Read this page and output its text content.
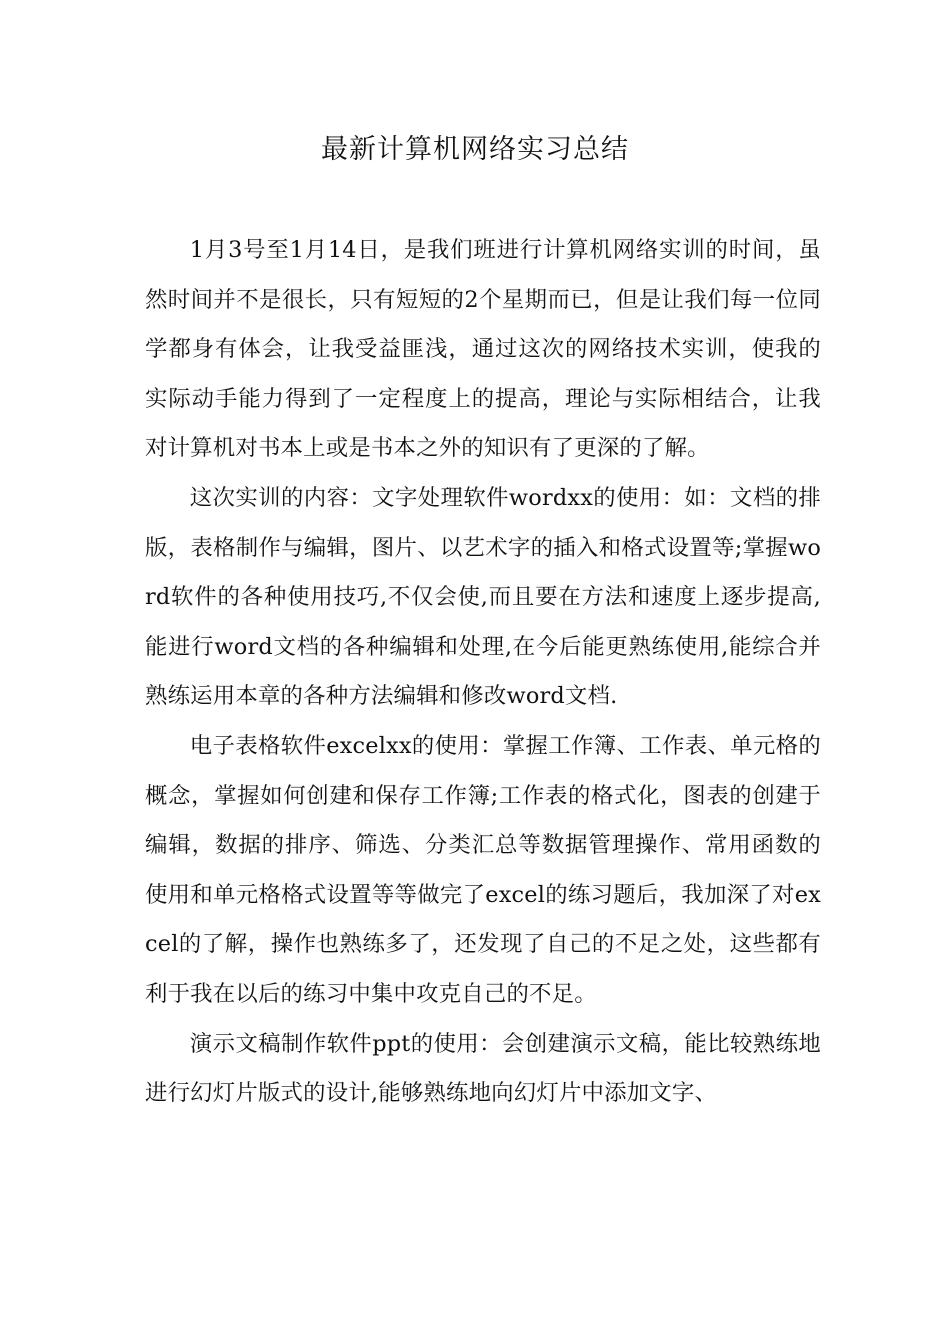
最新计算机网络实习总结

1月3号至1月14日，是我们班进行计算机网络实训的时间，虽然时间并不是很长，只有短短的2个星期而已，但是让我们每一位同学都身有体会，让我受益匪浅，通过这次的网络技术实训，使我的实际动手能力得到了一定程度上的提高，理论与实际相结合，让我对计算机对书本上或是书本之外的知识有了更深的了解。

这次实训的内容：文字处理软件wordxx的使用：如：文档的排版，表格制作与编辑，图片、以艺术字的插入和格式设置等;掌握word软件的各种使用技巧,不仅会使,而且要在方法和速度上逐步提高,能进行word文档的各种编辑和处理,在今后能更熟练使用,能综合并熟练运用本章的各种方法编辑和修改word文档.

电子表格软件excelxx的使用：掌握工作簿、工作表、单元格的概念，掌握如何创建和保存工作簿;工作表的格式化，图表的创建于编辑，数据的排序、筛选、分类汇总等数据管理操作、常用函数的使用和单元格格式设置等等做完了excel的练习题后，我加深了对excel的了解，操作也熟练多了，还发现了自己的不足之处，这些都有利于我在以后的练习中集中攻克自己的不足。

演示文稿制作软件ppt的使用：会创建演示文稿，能比较熟练地进行幻灯片版式的设计,能够熟练地向幻灯片中添加文字、
